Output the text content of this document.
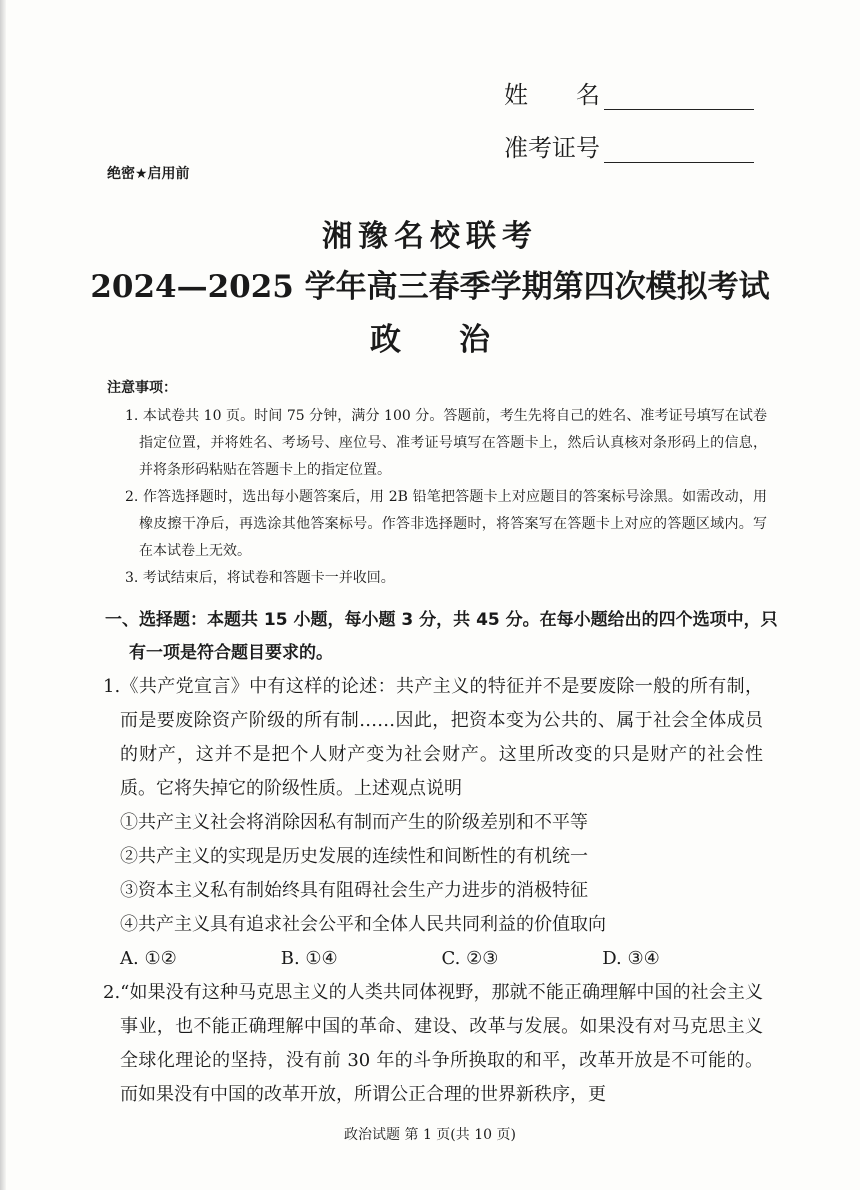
姓　　名
准考证号
绝密★启用前
湘豫名校联考
2024—2025 学年高三春季学期第四次模拟考试
政治
注意事项：
1. 本试卷共 10 页。时间 75 分钟，满分 100 分。答题前，考生先将自己的姓名、准考证号填写在试卷指定位置，并将姓名、考场号、座位号、准考证号填写在答题卡上，然后认真核对条形码上的信息，并将条形码粘贴在答题卡上的指定位置。
2. 作答选择题时，选出每小题答案后，用 2B 铅笔把答题卡上对应题目的答案标号涂黑。如需改动，用橡皮擦干净后，再选涂其他答案标号。作答非选择题时，将答案写在答题卡上对应的答题区域内。写在本试卷上无效。
3. 考试结束后，将试卷和答题卡一并收回。
一、选择题：本题共 15 小题，每小题 3 分，共 45 分。在每小题给出的四个选项中，只有一项是符合题目要求的。
1.《共产党宣言》中有这样的论述：共产主义的特征并不是要废除一般的所有制，而是要废除资产阶级的所有制……因此，把资本变为公共的、属于社会全体成员的财产，这并不是把个人财产变为社会财产。这里所改变的只是财产的社会性质。它将失掉它的阶级性质。上述观点说明
①共产主义社会将消除因私有制而产生的阶级差别和不平等
②共产主义的实现是历史发展的连续性和间断性的有机统一
③资本主义私有制始终具有阻碍社会生产力进步的消极特征
④共产主义具有追求社会公平和全体人民共同利益的价值取向
A. ①②	B. ①④	C. ②③	D. ③④
2.“如果没有这种马克思主义的人类共同体视野，那就不能正确理解中国的社会主义事业，也不能正确理解中国的革命、建设、改革与发展。如果没有对马克思主义全球化理论的坚持，没有前 30 年的斗争所换取的和平，改革开放是不可能的。而如果没有中国的改革开放，所谓公正合理的世界新秩序，更
政治试题 第 1 页(共 10 页)
